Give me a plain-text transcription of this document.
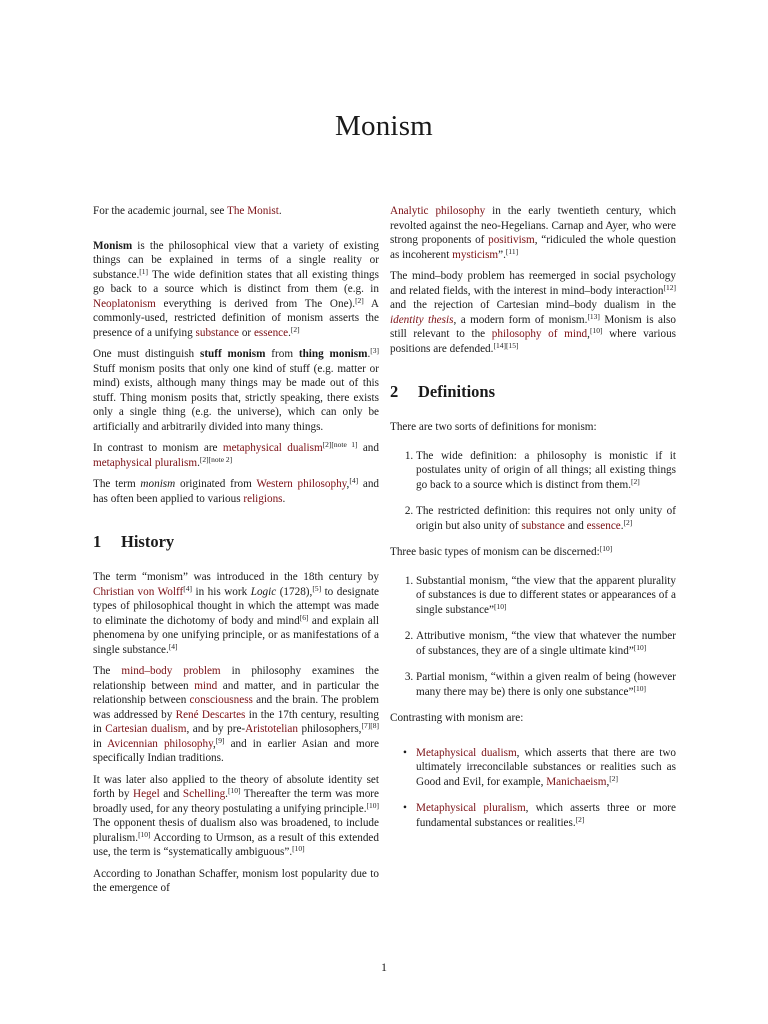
Monism

For the academic journal, see The Monist.

Monism is the philosophical view that a variety of existing things can be explained in terms of a single reality or substance.[1] The wide definition states that all existing things go back to a source which is distinct from them (e.g. in Neoplatonism everything is derived from The One).[2] A commonly-used, restricted definition of monism asserts the presence of a unifying substance or essence.[2]

One must distinguish stuff monism from thing monism.[3] Stuff monism posits that only one kind of stuff (e.g. matter or mind) exists, although many things may be made out of this stuff. Thing monism posits that, strictly speaking, there exists only a single thing (e.g. the universe), which can only be artificially and arbitrarily divided into many things.

In contrast to monism are metaphysical dualism[2][note 1] and metaphysical pluralism.[2][note 2]

The term monism originated from Western philosophy,[4] and has often been applied to various religions.

1 History

The term “monism” was introduced in the 18th century by Christian von Wolff[4] in his work Logic (1728),[5] to designate types of philosophical thought in which the attempt was made to eliminate the dichotomy of body and mind[6] and explain all phenomena by one unifying principle, or as manifestations of a single substance.[4]

The mind–body problem in philosophy examines the relationship between mind and matter, and in particular the relationship between consciousness and the brain. The problem was addressed by René Descartes in the 17th century, resulting in Cartesian dualism, and by pre-Aristotelian philosophers,[7][8] in Avicennian philosophy,[9] and in earlier Asian and more specifically Indian traditions.

It was later also applied to the theory of absolute identity set forth by Hegel and Schelling.[10] Thereafter the term was more broadly used, for any theory postulating a unifying principle.[10] The opponent thesis of dualism also was broadened, to include pluralism.[10] According to Urmson, as a result of this extended use, the term is “systematically ambiguous”.[10]

According to Jonathan Schaffer, monism lost popularity due to the emergence of

Analytic philosophy in the early twentieth century, which revolted against the neo-Hegelians. Carnap and Ayer, who were strong proponents of positivism, “ridiculed the whole question as incoherent mysticism”.[11]

The mind–body problem has reemerged in social psychology and related fields, with the interest in mind–body interaction[12] and the rejection of Cartesian mind–body dualism in the identity thesis, a modern form of monism.[13] Monism is also still relevant to the philosophy of mind,[10] where various positions are defended.[14][15]

2 Definitions

There are two sorts of definitions for monism:

1. The wide definition: a philosophy is monistic if it postulates unity of origin of all things; all existing things go back to a source which is distinct from them.[2]
2. The restricted definition: this requires not only unity of origin but also unity of substance and essence.[2]

Three basic types of monism can be discerned:[10]

1. Substantial monism, “the view that the apparent plurality of substances is due to different states or appearances of a single substance”[10]
2. Attributive monism, “the view that whatever the number of substances, they are of a single ultimate kind”[10]
3. Partial monism, “within a given realm of being (however many there may be) there is only one substance”[10]

Contrasting with monism are:

• Metaphysical dualism, which asserts that there are two ultimately irreconcilable substances or realities such as Good and Evil, for example, Manichaeism,[2]
• Metaphysical pluralism, which asserts three or more fundamental substances or realities.[2]
1
